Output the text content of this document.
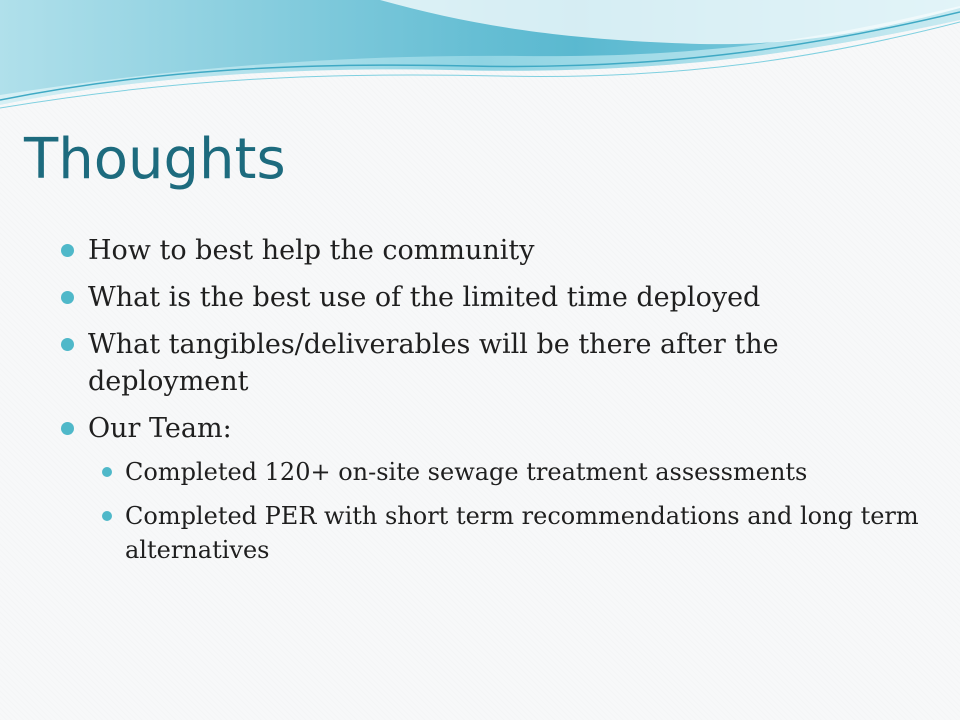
Thoughts
How to best help the community
What is the best use of the limited time deployed
What tangibles/deliverables will be there after the deployment
Our Team:
Completed 120+ on-site sewage treatment assessments
Completed PER with short term recommendations and long term alternatives
